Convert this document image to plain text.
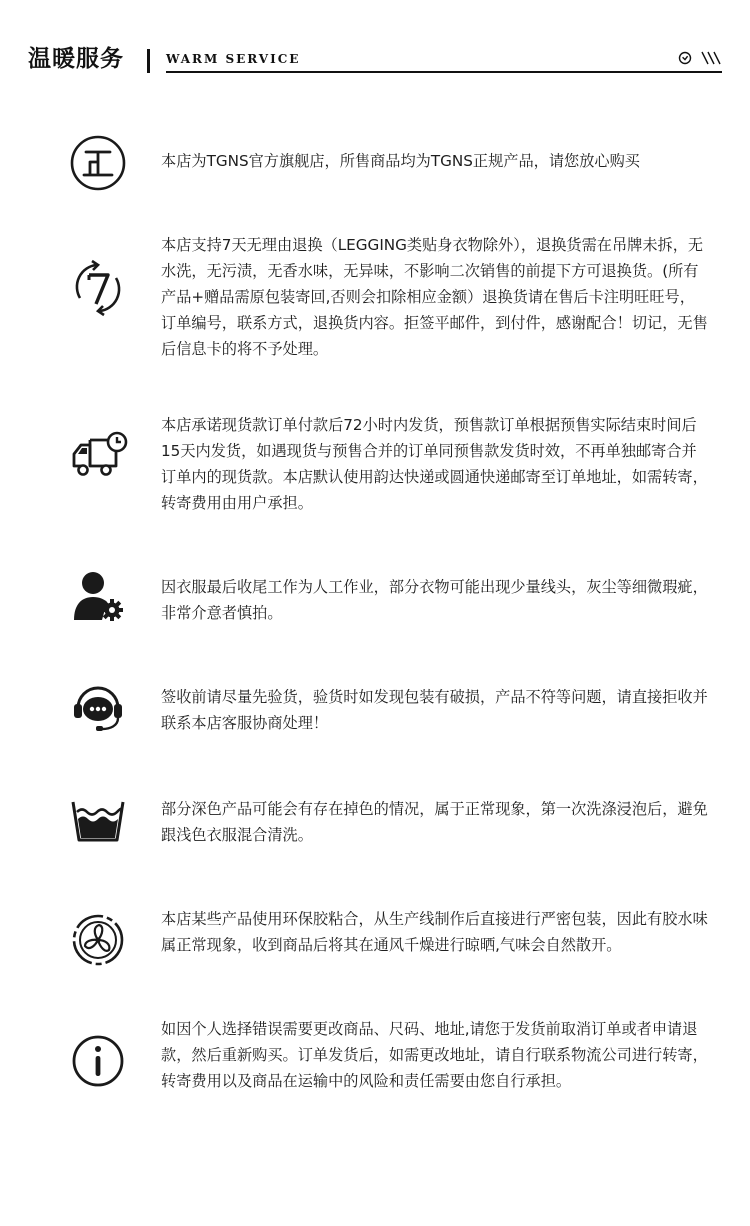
温暖服务	WARM SERVICE
本店为TGNS官方旗舰店，所售商品均为TGNS正规产品，请您放心购买
本店支持7天无理由退换（LEGGING类贴身衣物除外），退换货需在吊牌未拆，无水洗，无污渍，无香水味，无异味，不影响二次销售的前提下方可退换货。(所有产品+赠品需原包装寄回,否则会扣除相应金额）退换货请在售后卡注明旺旺号，订单编号，联系方式，退换货内容。拒签平邮件，到付件，感谢配合！切记，无售后信息卡的将不予处理。
本店承诺现货款订单付款后72小时内发货，预售款订单根据预售实际结束时间后15天内发货，如遇现货与预售合并的订单同预售款发货时效，不再单独邮寄合并订单内的现货款。本店默认使用韵达快递或圆通快递邮寄至订单地址，如需转寄，转寄费用由用户承担。
因衣服最后收尾工作为人工作业，部分衣物可能出现少量线头，灰尘等细微瑕疵，非常介意者慎拍。
签收前请尽量先验货，验货时如发现包装有破损，产品不符等问题，请直接拒收并联系本店客服协商处理！
部分深色产品可能会有存在掉色的情况，属于正常现象，第一次洗涤浸泡后，避免跟浅色衣服混合清洗。
本店某些产品使用环保胶粘合，从生产线制作后直接进行严密包装，因此有胶水味属正常现象，收到商品后将其在通风千燥进行晾晒,气味会自然散开。
如因个人选择错误需要更改商品、尺码、地址,请您于发货前取消订单或者申请退款，然后重新购买。订单发货后，如需更改地址，请自行联系物流公司进行转寄，转寄费用以及商品在运输中的风险和责任需要由您自行承担。
